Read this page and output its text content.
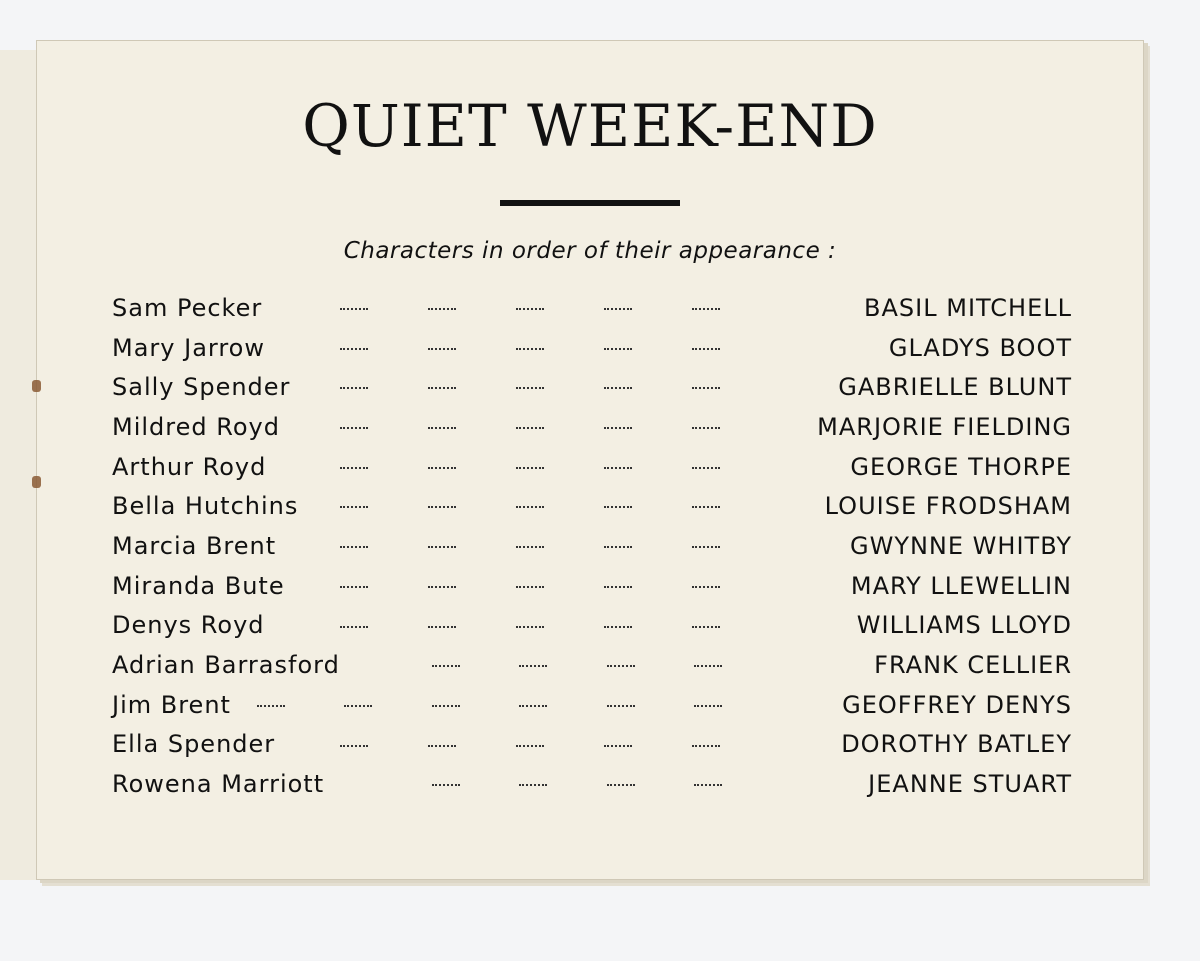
QUIET WEEK-END
Characters in order of their appearance :
Sam Pecker	BASIL MITCHELL
Mary Jarrow	GLADYS BOOT
Sally Spender	GABRIELLE BLUNT
Mildred Royd	MARJORIE FIELDING
Arthur Royd	GEORGE THORPE
Bella Hutchins	LOUISE FRODSHAM
Marcia Brent	GWYNNE WHITBY
Miranda Bute	MARY LLEWELLIN
Denys Royd	WILLIAMS LLOYD
Adrian Barrasford	FRANK CELLIER
Jim Brent	GEOFFREY DENYS
Ella Spender	DOROTHY BATLEY
Rowena Marriott	JEANNE STUART
